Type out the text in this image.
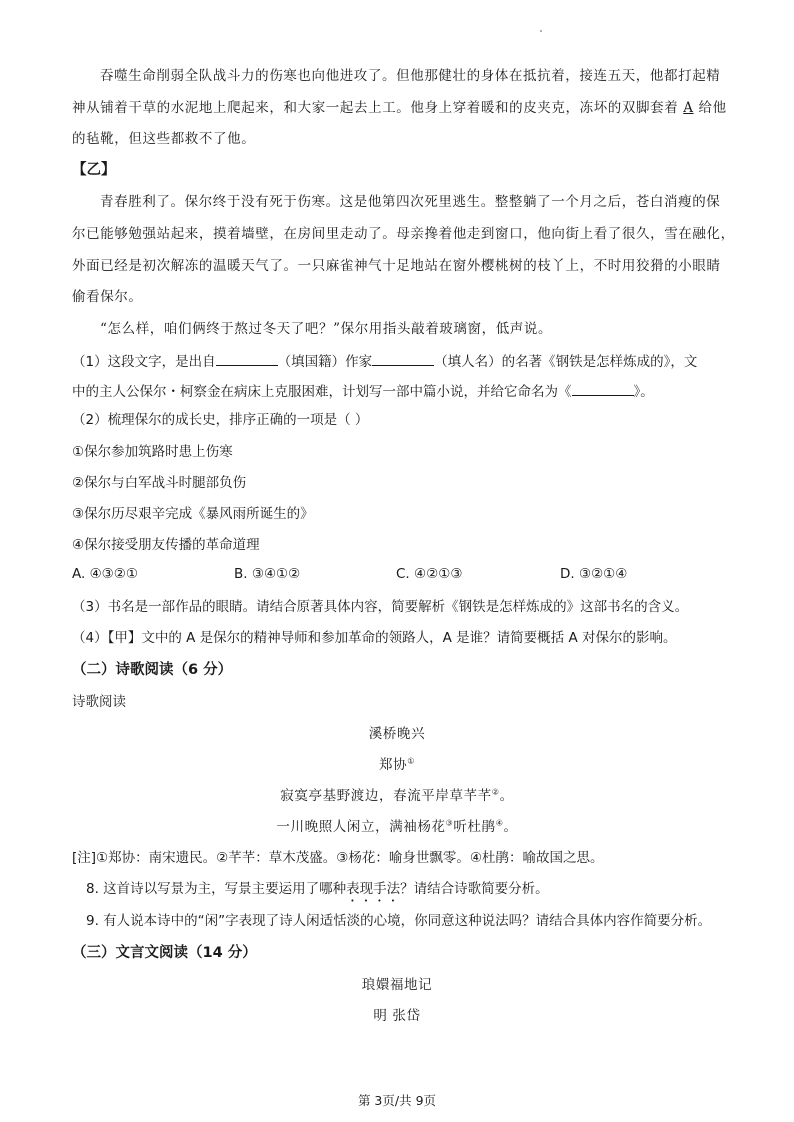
吞噬生命削弱全队战斗力的伤寒也向他进攻了。但他那健壮的身体在抵抗着，接连五天，他都打起精
神从铺着干草的水泥地上爬起来，和大家一起去上工。他身上穿着暖和的皮夹克，冻坏的双脚套着 A 给他
的毡靴，但这些都救不了他。
【乙】
青春胜利了。保尔终于没有死于伤寒。这是他第四次死里逃生。整整躺了一个月之后，苍白消瘦的保
尔已能够勉强站起来，摸着墙壁，在房间里走动了。母亲搀着他走到窗口，他向街上看了很久，雪在融化，
外面已经是初次解冻的温暖天气了。一只麻雀神气十足地站在窗外樱桃树的枝丫上，不时用狡猾的小眼睛
偷看保尔。
“怎么样，咱们俩终于熬过冬天了吧？”保尔用指头敲着玻璃窗，低声说。
（1）这段文字，是出自	（填国籍）作家	（填人名）的名著《钢铁是怎样炼成的》，文
中的主人公保尔・柯察金在病床上克服困难，计划写一部中篇小说，并给它命名为《	》。
（2）梳理保尔的成长史，排序正确的一项是（ ）
①保尔参加筑路时患上伤寒
②保尔与白军战斗时腿部负伤
③保尔历尽艰辛完成《暴风雨所诞生的》
④保尔接受朋友传播的革命道理
A. ④③②①	B. ③④①②	C. ④②①③	D. ③②①④
（3）书名是一部作品的眼睛。请结合原著具体内容，简要解析《钢铁是怎样炼成的》这部书名的含义。
（4）【甲】文中的 A 是保尔的精神导师和参加革命的领路人，A 是谁？请简要概括 A 对保尔的影响。
（二）诗歌阅读（6 分）
诗歌阅读
溪桥晚兴
郑协①
寂寞亭基野渡边，春流平岸草芊芊②。
一川晚照人闲立，满袖杨花③听杜鹃④。
[注]①郑协：南宋遗民。②芊芊：草木茂盛。③杨花：喻身世飘零。④杜鹃：喻故国之思。
8. 这首诗以写景为主，写景主要运用了哪种表现手法？请结合诗歌简要分析。
9. 有人说本诗中的“闲”字表现了诗人闲适恬淡的心境，你同意这种说法吗？请结合具体内容作简要分析。
（三）文言文阅读（14 分）
琅嬛福地记
明 张岱
第 3页/共 9页
